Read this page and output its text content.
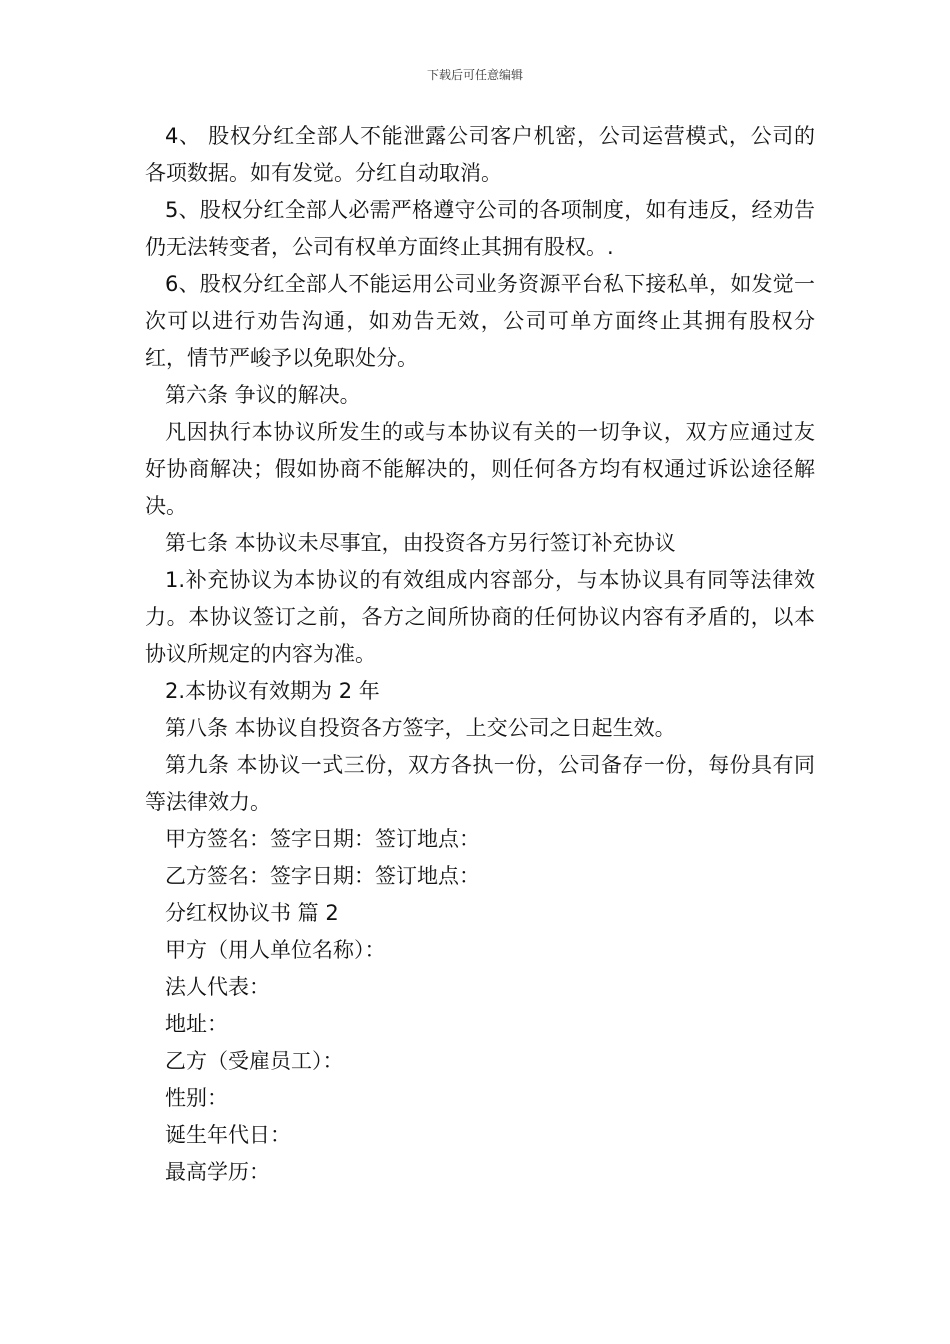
下载后可任意编辑

4、 股权分红全部人不能泄露公司客户机密，公司运营模式，公司的各项数据。如有发觉。分红自动取消。

5、股权分红全部人必需严格遵守公司的各项制度，如有违反，经劝告仍无法转变者，公司有权单方面终止其拥有股权。.

6、股权分红全部人不能运用公司业务资源平台私下接私单，如发觉一次可以进行劝告沟通，如劝告无效，公司可单方面终止其拥有股权分红，情节严峻予以免职处分。

第六条 争议的解决。

凡因执行本协议所发生的或与本协议有关的一切争议，双方应通过友好协商解决；假如协商不能解决的，则任何各方均有权通过诉讼途径解决。

第七条 本协议未尽事宜，由投资各方另行签订补充协议

1.补充协议为本协议的有效组成内容部分，与本协议具有同等法律效力。本协议签订之前，各方之间所协商的任何协议内容有矛盾的，以本协议所规定的内容为准。

2.本协议有效期为 2 年

第八条 本协议自投资各方签字，上交公司之日起生效。

第九条 本协议一式三份，双方各执一份，公司备存一份，每份具有同等法律效力。

甲方签名：签字日期：签订地点：

乙方签名：签字日期：签订地点：

分红权协议书 篇 2

甲方（用人单位名称）：

法人代表：

地址：

乙方（受雇员工）：

性别：

诞生年代日：

最高学历：
